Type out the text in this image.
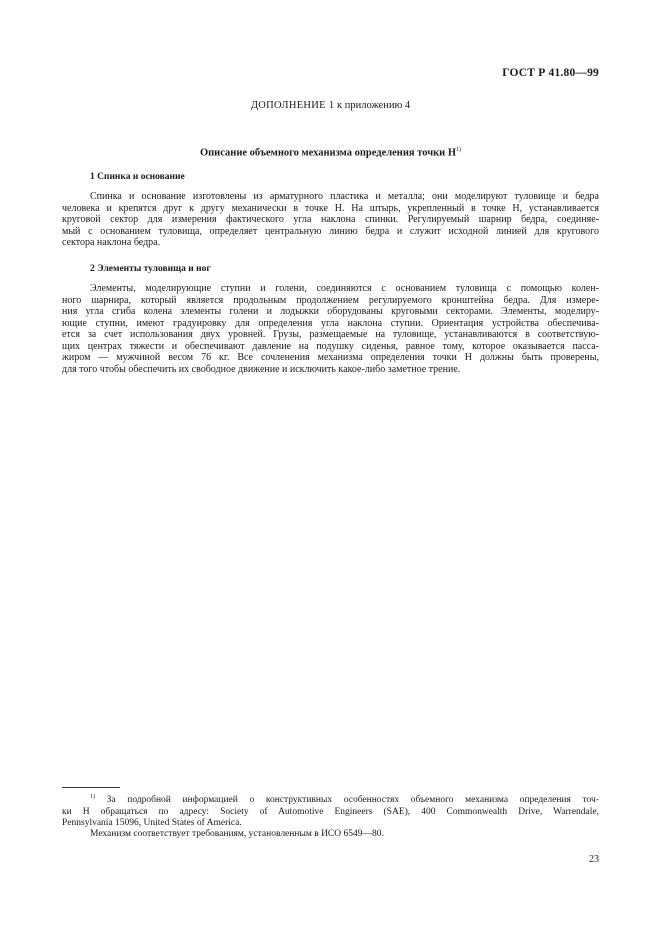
ГОСТ Р 41.80—99
ДОПОЛНЕНИЕ 1 к приложению 4
Описание объемного механизма определения точки $H^{1)}$
1 Спинка и основание
Спинка и основание изготовлены из арматурного пластика и металла; они моделируют туловище и бедра
человека и крепятся друг к другу механически в точке H. На штырь, укрепленный в точке H, устанавливается
круговой сектор для измерения фактического угла наклона спинки. Регулируемый шарнир бедра, соединяе-
мый с основанием туловища, определяет центральную линию бедра и служит исходной линией для кругового
сектора наклона бедра.
2 Элементы туловища и ног
Элементы, моделирующие ступни и голени, соединяются с основанием туловища с помощью колен-
ного шарнира, который является продольным продолжением регулируемого кронштейна бедра. Для измере-
ния угла сгиба колена элементы голени и лодыжки оборудованы круговыми секторами. Элементы, моделиру-
ющие ступни, имеют градуировку для определения угла наклона ступни. Ориентация устройства обеспечива-
ется за счет использования двух уровней. Грузы, размещаемые на туловище, устанавливаются в соответствую-
щих центрах тяжести и обеспечивают давление на подушку сиденья, равное тому, которое оказывается пасса-
жиром — мужчиной весом 76 кг. Все сочленения механизма определения точки H должны быть проверены,
для того чтобы обеспечить их свободное движение и исключить какое-либо заметное трение.
$^{1)}$ За подробной информацией о конструктивных особенностях объемного механизма определения точ-
ки H обращаться по адресу: Society of Automotive Engineers (SAE), 400 Commonwealth Drive, Warrendale,
Pennsylvania 15096, United States of America.
Механизм соответствует требованиям, установленным в ИСО 6549—80.
23
